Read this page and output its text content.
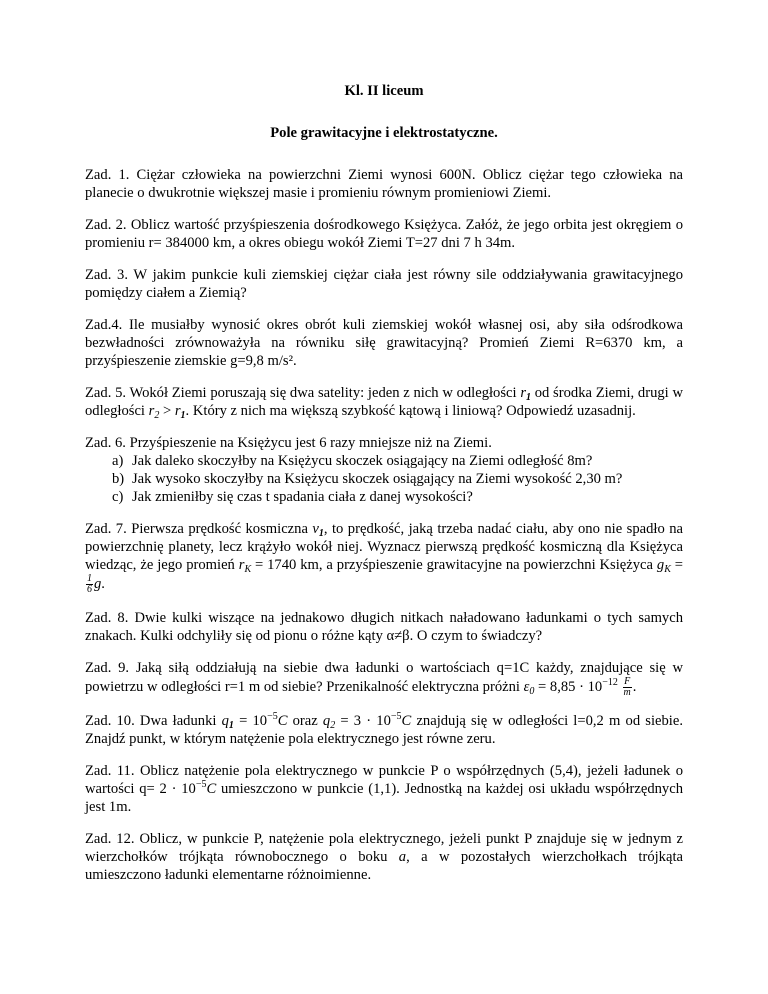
Kl. II liceum
Pole grawitacyjne i elektrostatyczne.

Zad. 1. Ciężar człowieka na powierzchni Ziemi wynosi 600N. Oblicz ciężar tego człowieka na planecie o dwukrotnie większej masie i promieniu równym promieniowi Ziemi.

Zad. 2. Oblicz wartość przyśpieszenia dośrodkowego Księżyca. Załóż, że jego orbita jest okręgiem o promieniu r= 384000 km, a okres obiegu wokół Ziemi T=27 dni 7 h 34m.

Zad. 3. W jakim punkcie kuli ziemskiej ciężar ciała jest równy sile oddziaływania grawitacyjnego pomiędzy ciałem a Ziemią?

Zad.4. Ile musiałby wynosić okres obrót kuli ziemskiej wokół własnej osi, aby siła odśrodkowa bezwładności zrównoważyła na równiku siłę grawitacyjną? Promień Ziemi R=6370 km, a przyśpieszenie ziemskie g=9,8 m/s².

Zad. 5. Wokół Ziemi poruszają się dwa satelity: jeden z nich w odległości $r_1$ od środka Ziemi, drugi w odległości $r_2 > r_1$. Który z nich ma większą szybkość kątową i liniową? Odpowiedź uzasadnij.

Zad. 6. Przyśpieszenie na Księżycu jest 6 razy mniejsze niż na Ziemi.

a) Jak daleko skoczyłby na Księżycu skoczek osiągający na Ziemi odległość 8m?
b) Jak wysoko skoczyłby na Księżycu skoczek osiągający na Ziemi wysokość 2,30 m?
c) Jak zmieniłby się czas t spadania ciała z danej wysokości?

Zad. 7. Pierwsza prędkość kosmiczna $v_1$, to prędkość, jaką trzeba nadać ciału, aby ono nie spadło na powierzchnię planety, lecz krążyło wokół niej. Wyznacz pierwszą prędkość kosmiczną dla Księżyca wiedząc, że jego promień $r_K = 1740$ km, a przyśpieszenie grawitacyjne na powierzchni Księżyca $g_K$ =
$\frac{1}{6} g$.

Zad. 8. Dwie kulki wiszące na jednakowo długich nitkach naładowano ładunkami o tych samych znakach. Kulki odchyliły się od pionu o różne kąty α≠β. O czym to świadczy?

Zad. 9. Jaką siłą oddziałują na siebie dwa ładunki o wartościach q=1C każdy, znajdujące się w powietrzu w odległości r=1 m od siebie? Przenikalność elektryczna próżni $\varepsilon_0 = 8,85 \cdot 10^{-12} \frac{F}{m}$ .

Zad. 10. Dwa ładunki $q_1 = 10^{-5}C$ oraz $q_2 = 3 \cdot 10^{-5}C$ znajdują się w odległości l=0,2 m od siebie. Znajdź punkt, w którym natężenie pola elektrycznego jest równe zeru.

Zad. 11. Oblicz natężenie pola elektrycznego w punkcie P o współrzędnych (5,4), jeżeli ładunek o wartości $q= 2 \cdot 10^{-5}C$ umieszczono w punkcie (1,1). Jednostką na każdej osi układu współrzędnych jest 1m.

Zad. 12. Oblicz, w punkcie P, natężenie pola elektrycznego, jeżeli punkt P znajduje się w jednym z wierzchołków trójkąta równobocznego o boku a, a w pozostałych wierzchołkach trójkąta umieszczono ładunki elementarne różnoimienne.
